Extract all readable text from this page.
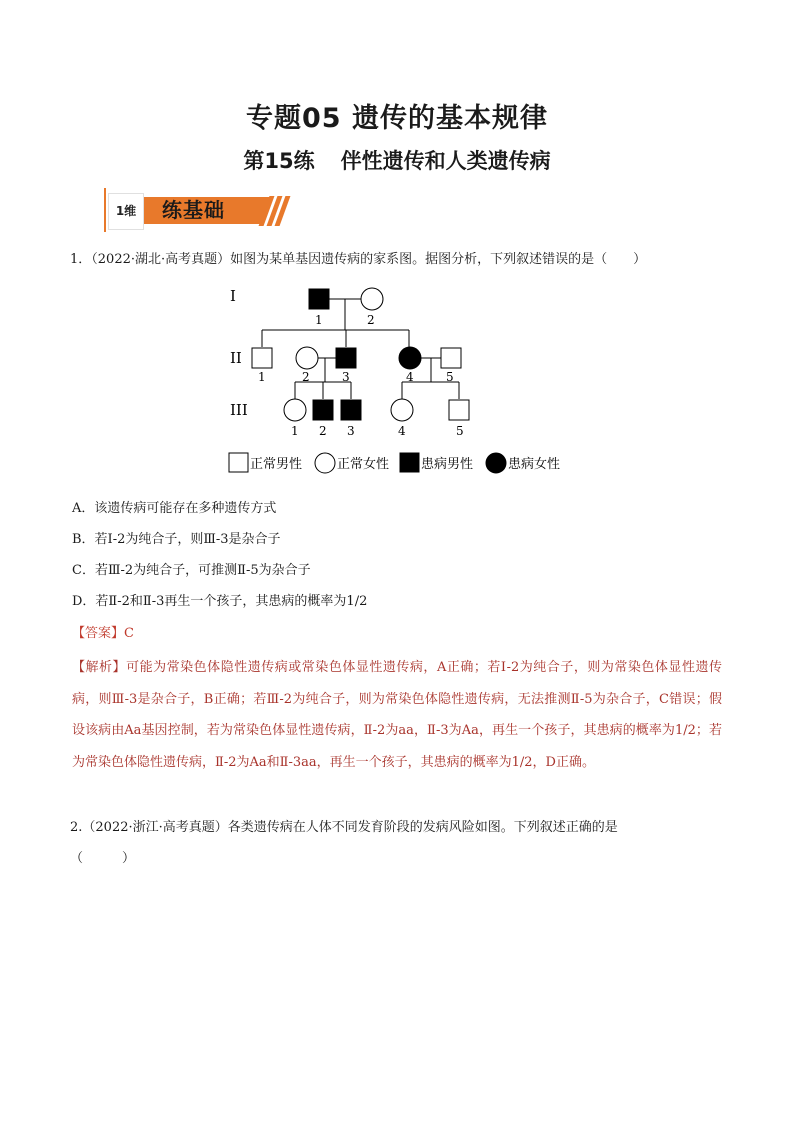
专题05 遗传的基本规律
第15练 伴性遗传和人类遗传病
1维	练基础
1．（2022·湖北·高考真题）如图为某单基因遗传病的家系图。据图分析，下列叙述错误的是（　　）
I
II
III
1	2
1	2	3	4	5
1 2 3	4	5
正常男性	正常女性 患病男性	患病女性
A．该遗传病可能存在多种遗传方式
B．若Ⅰ-2为纯合子，则Ⅲ-3是杂合子
C．若Ⅲ-2为纯合子，可推测Ⅱ-5为杂合子
D．若Ⅱ-2和Ⅱ-3再生一个孩子，其患病的概率为1/2
【答案】C
【解析】可能为常染色体隐性遗传病或常染色体显性遗传病，A正确；若Ⅰ-2为纯合子，则为常染色体显性遗传病，则Ⅲ-3是杂合子，B正确；若Ⅲ-2为纯合子，则为常染色体隐性遗传病，无法推测Ⅱ-5为杂合子，C错误；假设该病由Aa基因控制，若为常染色体显性遗传病，Ⅱ-2为aa，Ⅱ-3为Aa，再生一个孩子，其患病的概率为1/2；若为常染色体隐性遗传病，Ⅱ-2为Aa和Ⅱ-3aa，再生一个孩子，其患病的概率为1/2，D正确。
2.（2022·浙江·高考真题）各类遗传病在人体不同发育阶段的发病风险如图。下列叙述正确的是
（　　　）
